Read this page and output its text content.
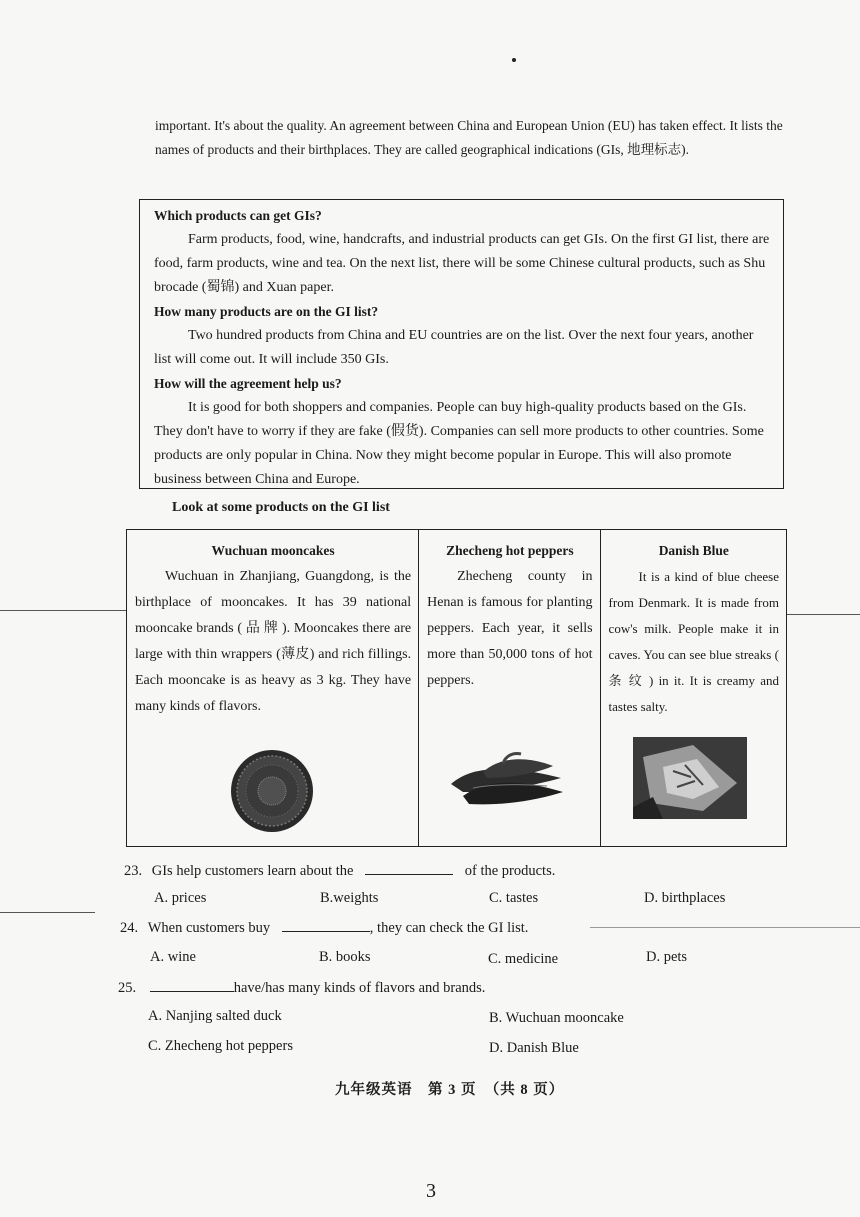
important. It's about the quality. An agreement between China and European Union (EU) has taken effect. It lists the names of products and their birthplaces. They are called geographical indications (GIs, 地理标志).
Which products can get GIs?

Farm products, food, wine, handcrafts, and industrial products can get GIs. On the first GI list, there are food, farm products, wine and tea. On the next list, there will be some Chinese cultural products, such as Shu brocade (蜀锦) and Xuan paper.

How many products are on the GI list?

Two hundred products from China and EU countries are on the list. Over the next four years, another list will come out. It will include 350 GIs.

How will the agreement help us?

It is good for both shoppers and companies. People can buy high-quality products based on the GIs. They don't have to worry if they are fake (假货). Companies can sell more products to other countries. Some products are only popular in China. Now they might become popular in Europe. This will also promote business between China and Europe.

Look at some products on the GI list
Wuchuan mooncakes

Wuchuan in Zhanjiang, Guangdong, is the birthplace of mooncakes. It has 39 national mooncake brands ( 品 牌 ). Mooncakes there are large with thin wrappers (薄皮) and rich fillings. Each mooncake is as heavy as 3 kg. They have many kinds of flavors.

Zhecheng hot peppers

Zhecheng county in Henan is famous for planting peppers. Each year, it sells more than 50,000 tons of hot peppers.

Danish Blue

It is a kind of blue cheese from Denmark. It is made from cow's milk. People make it in caves. You can see blue streaks ( 条 纹 ) in it. It is creamy and tastes salty.

23. GIs help customers learn about the	of the products.
A. prices	B.weights	C. tastes	D. birthplaces
24. When customers buy	, they can check the GI list.
A. wine	B. books	C. medicine	D. pets
25.	have/has many kinds of flavors and brands.
A. Nanjing salted duck	B. Wuchuan mooncake
C. Zhecheng hot peppers	D. Danish Blue
九年级英语　第 3 页　（共 8 页）
3
